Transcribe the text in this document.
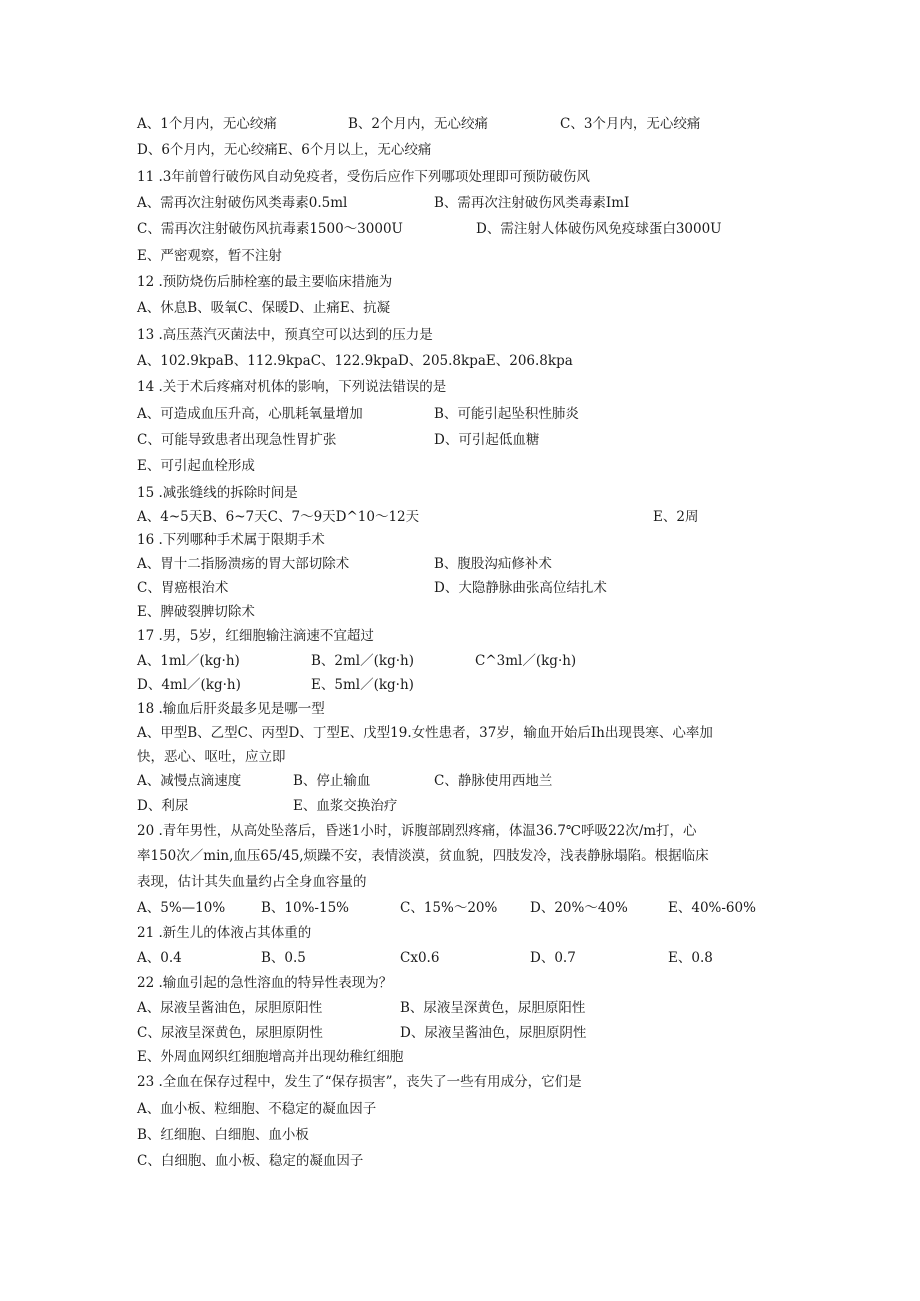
A、1个月内，无心绞痛	B、2个月内，无心绞痛	C、3个月内，无心绞痛
D、6个月内，无心绞痛E、6个月以上，无心绞痛
11 .3年前曾行破伤风自动免疫者，受伤后应作下列哪项处理即可预防破伤风
A、需再次注射破伤风类毒素0.5ml	B、需再次注射破伤风类毒素ImI
C、需再次注射破伤风抗毒素1500～3000U	D、需注射人体破伤风免疫球蛋白3000U
E、严密观察，暂不注射
12 .预防烧伤后肺栓塞的最主要临床措施为
A、休息B、吸氧C、保暖D、止痛E、抗凝
13 .高压蒸汽灭菌法中，预真空可以达到的压力是
A、102.9kpaB、112.9kpaC、122.9kpaD、205.8kpaE、206.8kpa
14 .关于术后疼痛对机体的影响，下列说法错误的是
A、可造成血压升高，心肌耗氧量增加	B、可能引起坠积性肺炎
C、可能导致患者出现急性胃扩张	D、可引起低血糖
E、可引起血栓形成
15 .减张缝线的拆除时间是
A、4~5天B、6~7天C、7～9天D^10～12天	E、2周
16 .下列哪种手术属于限期手术
A、胃十二指肠溃疡的胃大部切除术	B、腹股沟疝修补术
C、胃癌根治术	D、大隐静脉曲张高位结扎术
E、脾破裂脾切除术
17 .男，5岁，红细胞输注滴速不宜超过
A、1ml／(kg·h)	B、2ml／(kg·h)	C^3ml／(kg·h)
D、4ml／(kg·h)	E、5ml／(kg·h)
18 .输血后肝炎最多见是哪一型
A、甲型B、乙型C、丙型D、丁型E、戊型19.女性患者，37岁，输血开始后Ih出现畏寒、心率加
快，恶心、呕吐，应立即
A、减慢点滴速度	B、停止输血	C、静脉使用西地兰
D、利尿	E、血浆交换治疗
20 .青年男性，从高处坠落后，昏迷1小时，诉腹部剧烈疼痛，体温36.7℃呼吸22次/m打，心
率150次／min,血压65/45,烦躁不安，表情淡漠，贫血貌，四肢发冷，浅表静脉塌陷。根据临床
表现，估计其失血量约占全身血容量的
A、5%—10%	B、10%-15%	C、15%～20% D、20%～40%	E、40%-60%
21 .新生儿的体液占其体重的
A、0.4	B、0.5	Cx0.6	D、0.7	E、0.8
22 .输血引起的急性溶血的特异性表现为？
A、尿液呈酱油色，尿胆原阳性	B、尿液呈深黄色，尿胆原阳性
C、尿液呈深黄色，尿胆原阴性	D、尿液呈酱油色，尿胆原阴性
E、外周血网织红细胞增高并出现幼稚红细胞
23 .全血在保存过程中，发生了“保存损害”，丧失了一些有用成分，它们是
A、血小板、粒细胞、不稳定的凝血因子
B、红细胞、白细胞、血小板
C、白细胞、血小板、稳定的凝血因子
